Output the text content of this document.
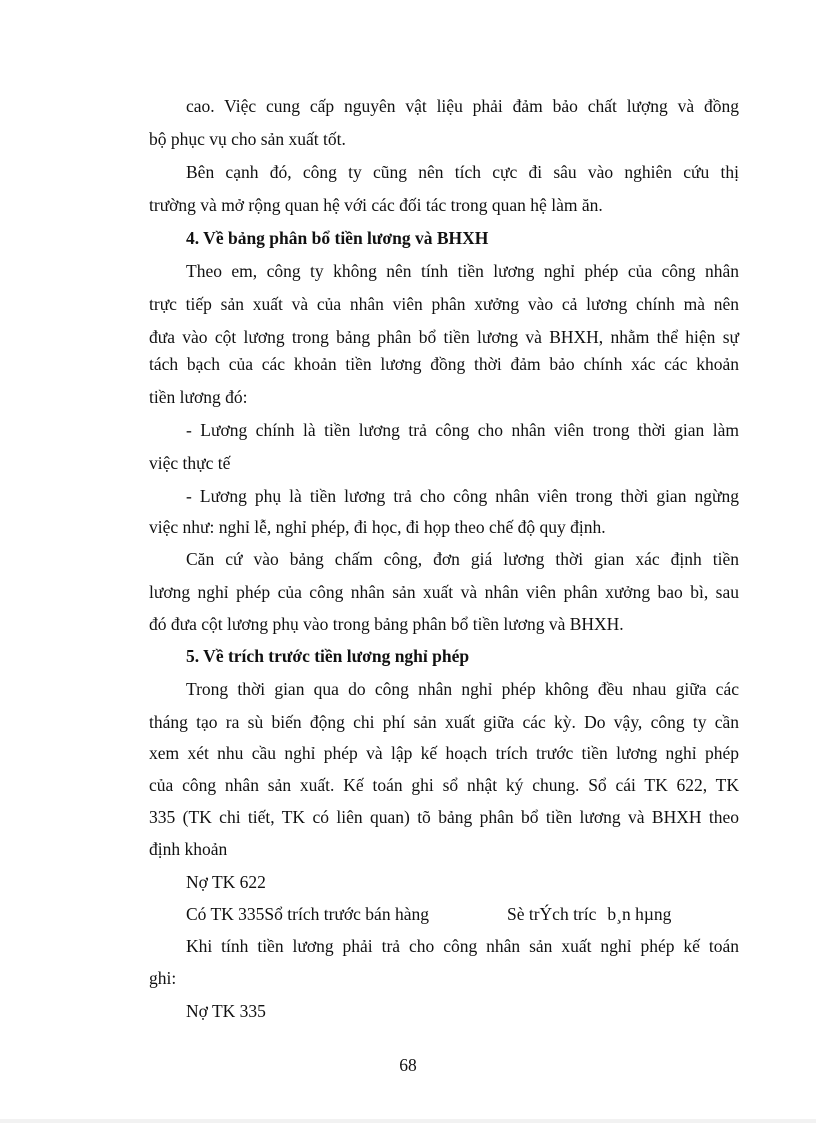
cao. Việc cung cấp nguyên vật liệu phải đảm bảo chất lượng và đồng
bộ phục vụ cho sản xuất tốt.
Bên cạnh đó, công ty cũng nên tích cực đi sâu vào nghiên cứu thị
trường và mở rộng quan hệ với các đối tác trong quan hệ làm ăn.
4. Về bảng phân bổ tiền lương và BHXH
Theo em, công ty không nên tính tiền lương nghỉ phép của công nhân
trực tiếp sản xuất và của nhân viên phân xưởng vào cả lương chính mà nên
đưa vào cột lương trong bảng phân bổ tiền lương và BHXH, nhằm thể hiện sự
tách bạch của các khoản tiền lương đồng thời đảm bảo chính xác các khoản
tiền lương đó:
- Lương chính là tiền lương trả công cho nhân viên trong thời gian làm
việc thực tế
- Lương phụ là tiền lương trả cho công nhân viên trong thời gian ngừng
việc như: nghỉ lễ, nghỉ phép, đi học, đi họp theo chế độ quy định.
Căn cứ vào bảng chấm công, đơn giá lương thời gian xác định tiền
lương nghỉ phép của công nhân sản xuất và nhân viên phân xưởng bao bì, sau
đó đưa cột lương phụ vào trong bảng phân bổ tiền lương và BHXH.
5. Về trích trước tiền lương nghỉ phép
Trong thời gian qua do công nhân nghỉ phép không đều nhau giữa các
tháng tạo ra sù biến động chi phí sản xuất giữa các kỳ. Do vậy, công ty cần
xem xét nhu cầu nghỉ phép và lập kế hoạch trích trước tiền lương nghỉ phép
của công nhân sản xuất. Kế toán ghi sổ nhật ký chung. Sổ cái TK 622, TK
335 (TK chi tiết, TK có liên quan) tõ bảng phân bổ tiền lương và BHXH theo
định khoản
Nợ TK 622
Có TK 335Sổ trích trước bán hàng	Sè trÝch tríc b¸n hµng
Khi tính tiền lương phải trả cho công nhân sản xuất nghỉ phép kế toán
ghi:
Nợ TK 335
68
